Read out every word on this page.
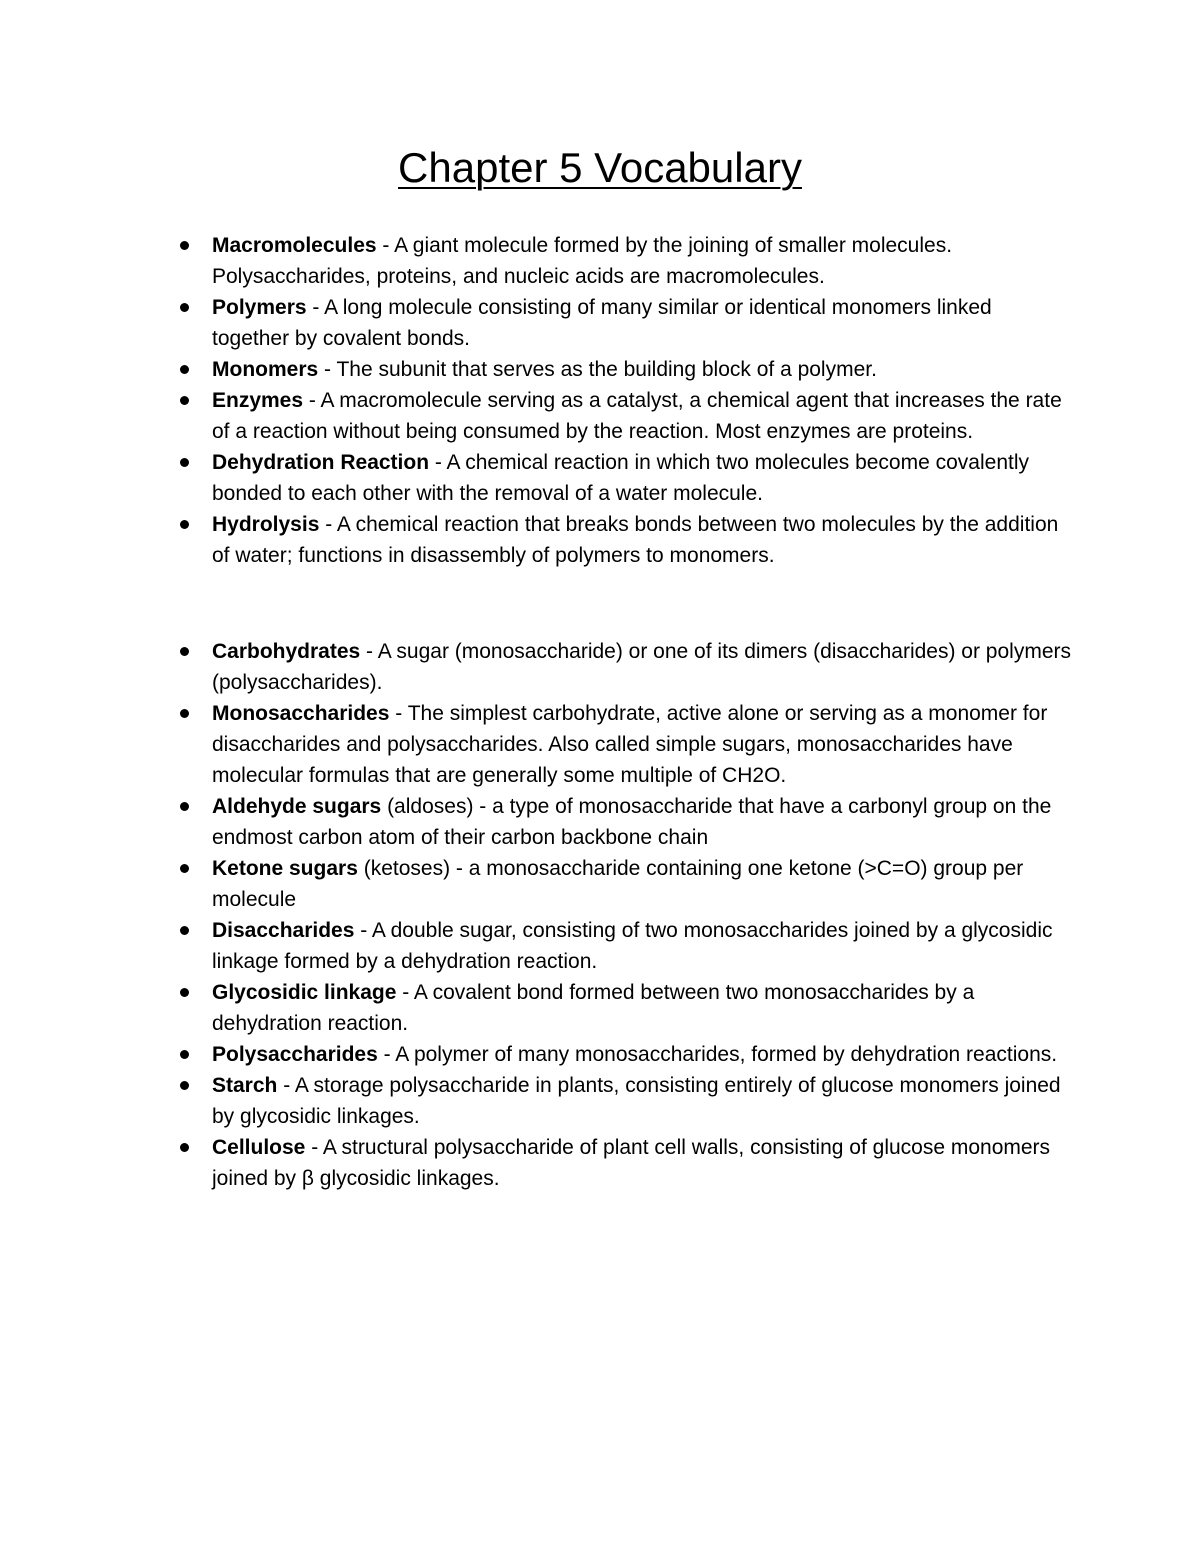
Chapter 5 Vocabulary
Macromolecules - A giant molecule formed by the joining of smaller molecules. Polysaccharides, proteins, and nucleic acids are macromolecules.
Polymers - A long molecule consisting of many similar or identical monomers linked together by covalent bonds.
Monomers - The subunit that serves as the building block of a polymer.
Enzymes - A macromolecule serving as a catalyst, a chemical agent that increases the rate of a reaction without being consumed by the reaction. Most enzymes are proteins.
Dehydration Reaction - A chemical reaction in which two molecules become covalently bonded to each other with the removal of a water molecule.
Hydrolysis - A chemical reaction that breaks bonds between two molecules by the addition of water; functions in disassembly of polymers to monomers.
Carbohydrates - A sugar (monosaccharide) or one of its dimers (disaccharides) or polymers (polysaccharides).
Monosaccharides - The simplest carbohydrate, active alone or serving as a monomer for disaccharides and polysaccharides. Also called simple sugars, monosaccharides have molecular formulas that are generally some multiple of CH2O.
Aldehyde sugars (aldoses) - a type of monosaccharide that have a carbonyl group on the endmost carbon atom of their carbon backbone chain
Ketone sugars (ketoses) - a monosaccharide containing one ketone (>C=O) group per molecule
Disaccharides - A double sugar, consisting of two monosaccharides joined by a glycosidic linkage formed by a dehydration reaction.
Glycosidic linkage - A covalent bond formed between two monosaccharides by a dehydration reaction.
Polysaccharides - A polymer of many monosaccharides, formed by dehydration reactions.
Starch - A storage polysaccharide in plants, consisting entirely of glucose monomers joined by glycosidic linkages.
Cellulose - A structural polysaccharide of plant cell walls, consisting of glucose monomers joined by β glycosidic linkages.
